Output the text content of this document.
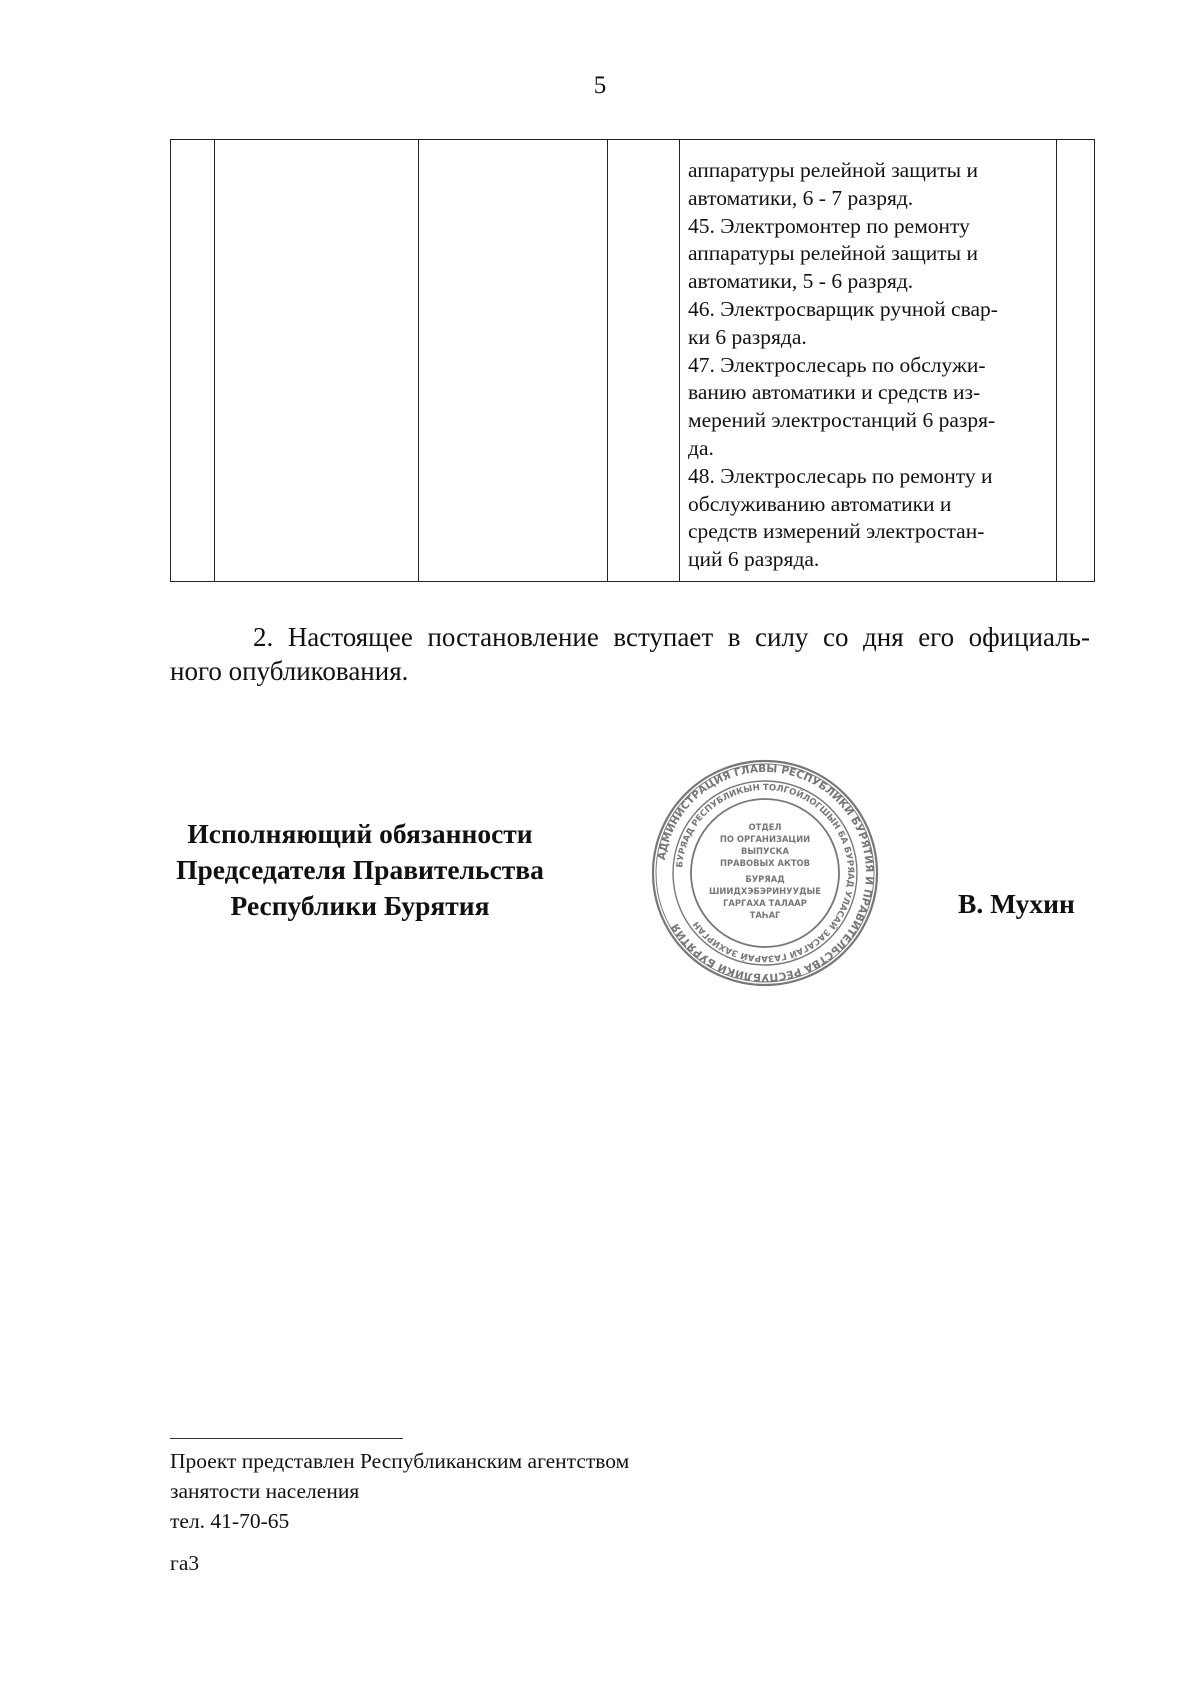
5

аппаратуры релейной защиты и
автоматики, 6 - 7 разряд.
45. Электромонтер по ремонту
аппаратуры релейной защиты и
автоматики, 5 - 6 разряд.
46. Электросварщик ручной свар-
ки 6 разряда.
47. Электрослесарь по обслужи-
ванию автоматики и средств из-
мерений электростанций 6 разря-
да.
48. Электрослесарь по ремонту и
обслуживанию автоматики и
средств измерений электростан-
ций 6 разряда.

2. Настоящее постановление вступает в силу со дня его официаль-
ного опубликования.
Исполняющий обязанности
Председателя Правительства
Республики Бурятия
АДМИНИСТРАЦИЯ ГЛАВЫ РЕСПУБЛИКИ БУРЯТИЯ И ПРАВИТЕЛЬСТВА РЕСПУБЛИКИ БУРЯТИЯ
БУРЯАД РЕСПУБЛИКЫН ТОЛГОЙЛОГШЫН БА БУРЯАД УЛАСАЙ ЗАСАГАЙ ГАЗАРАЙ ЗАХИРГАН
ОТДЕЛ
ПО ОРГАНИЗАЦИИ
ВЫПУСКА
ПРАВОВЫХ АКТОВ
БУРЯАД
ШИИДХЭБЭРИНУУДЫЕ
ГАРГАХА ТАЛААР
ТАҺАГ	В. Мухин
Проект представлен Республиканским агентством
занятости населения
тел. 41-70-65
га3
